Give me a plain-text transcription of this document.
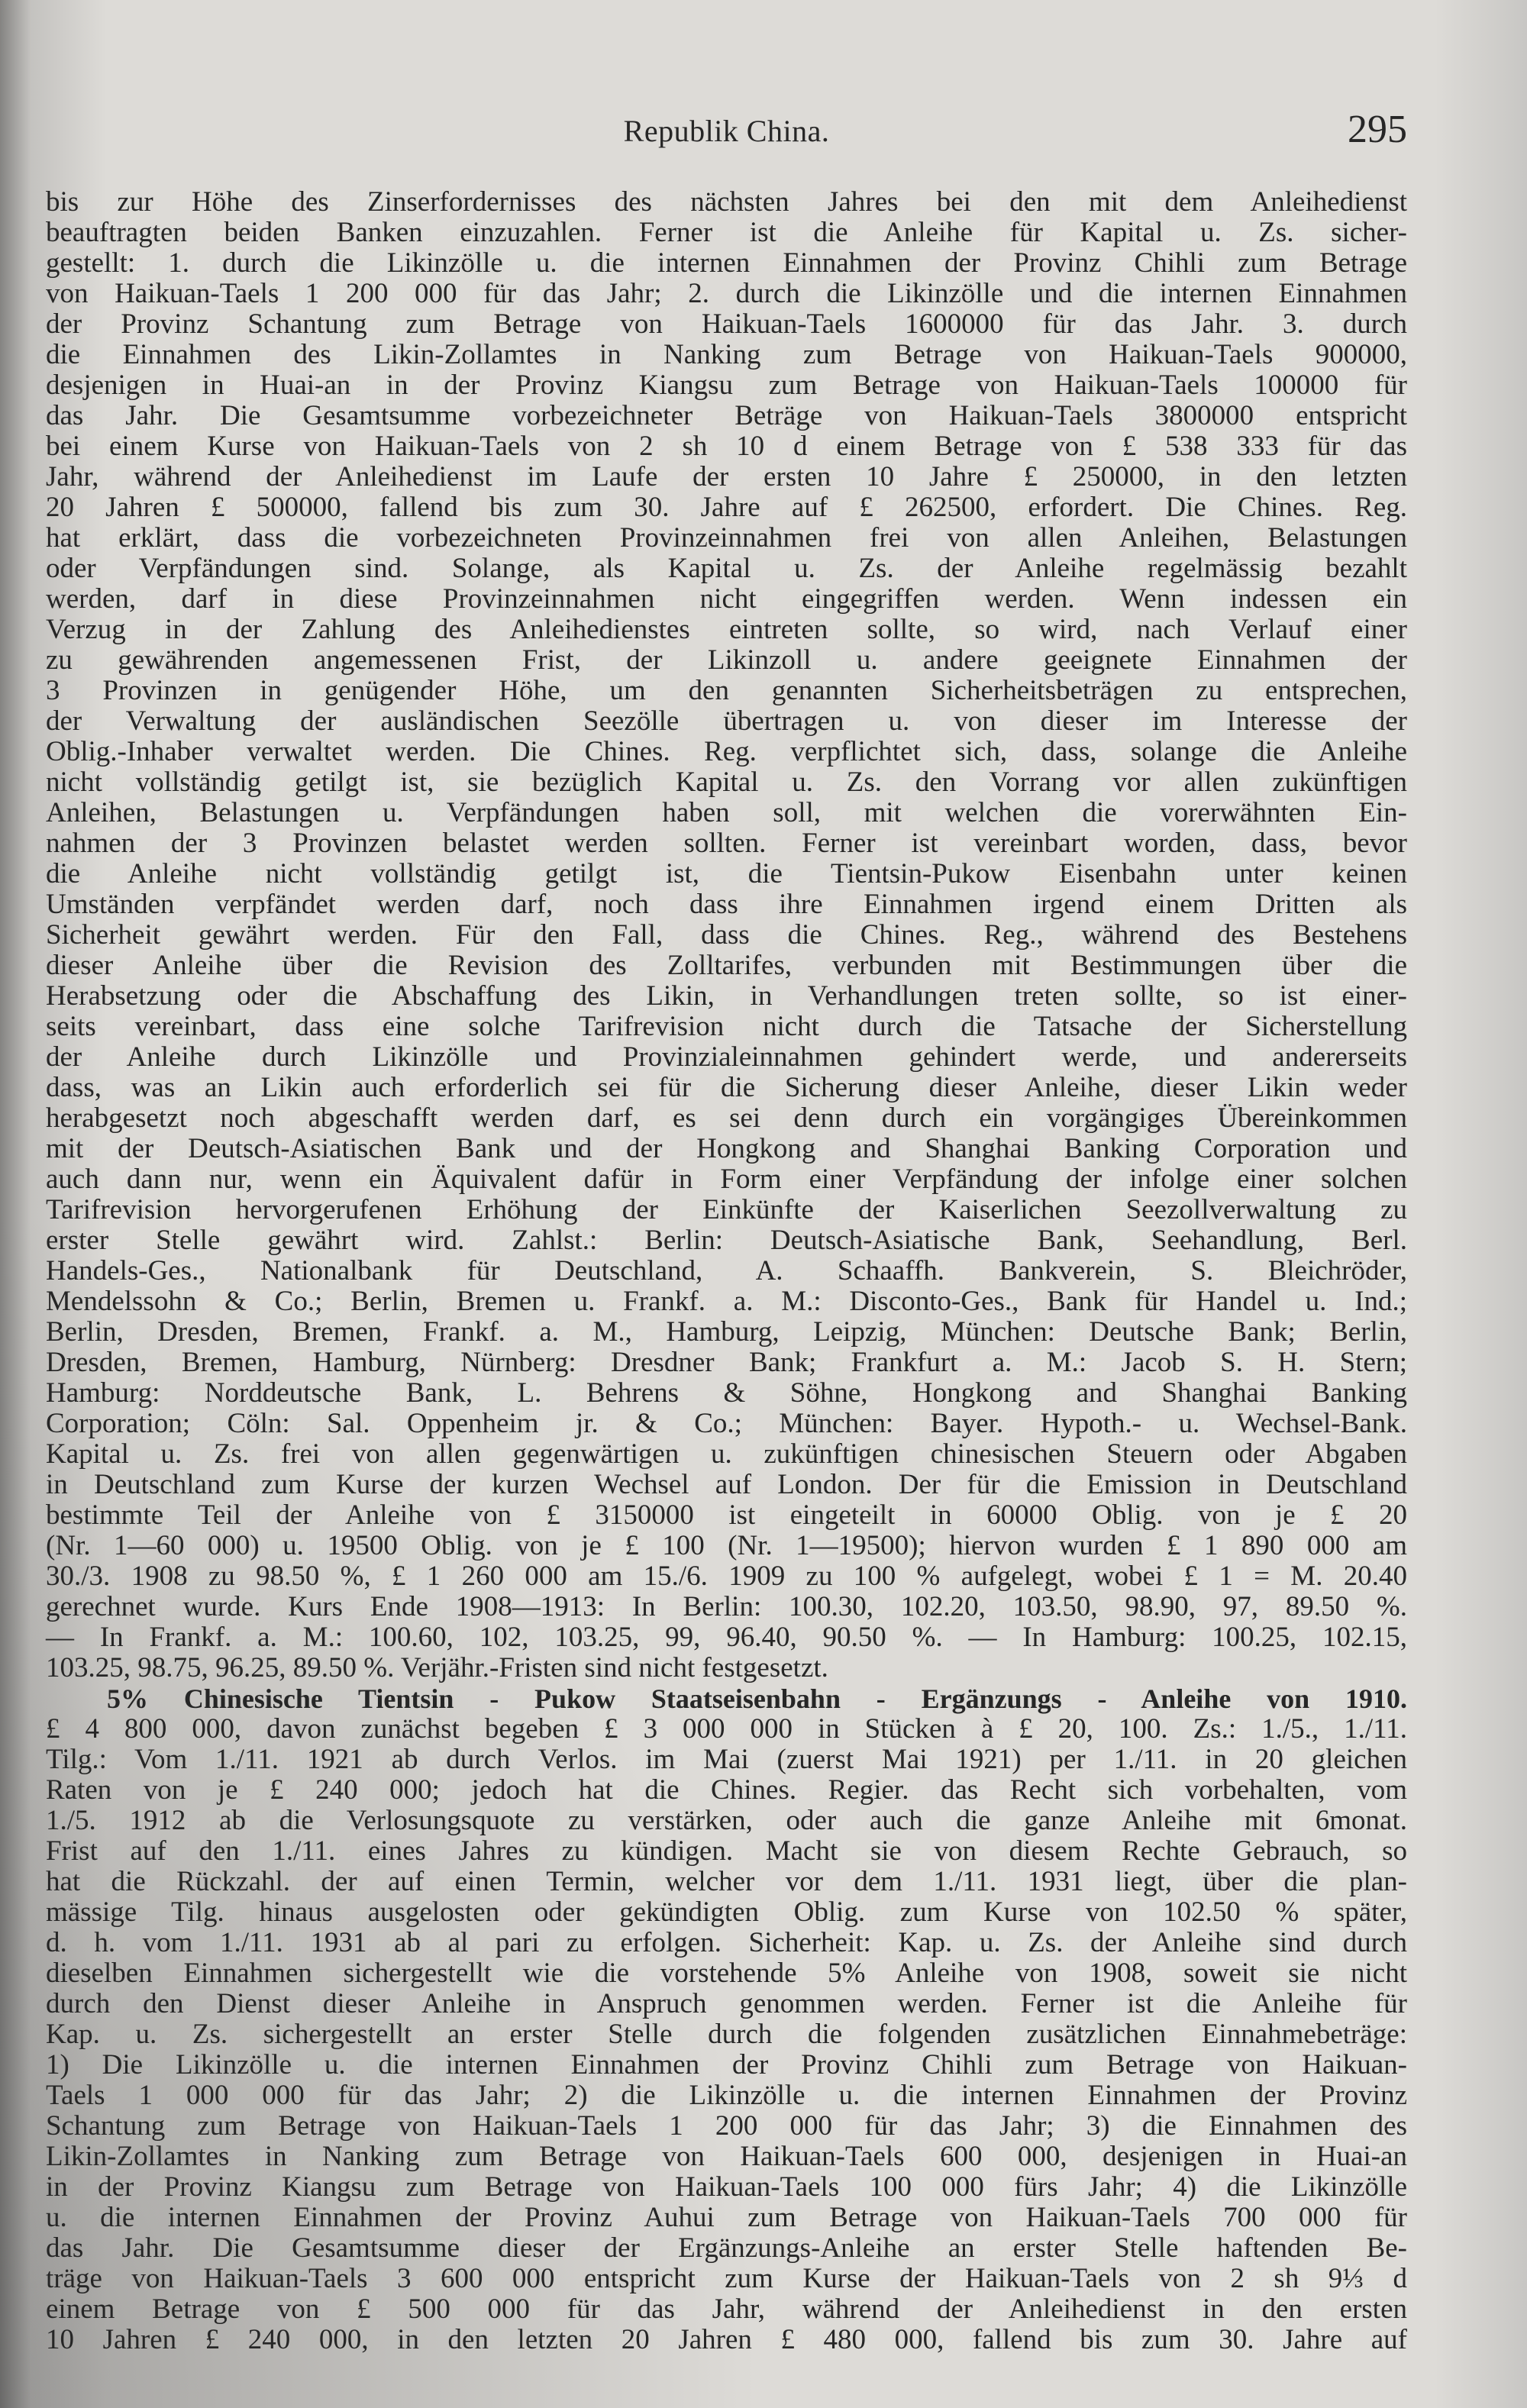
Republik China.	295
bis zur Höhe des Zinserfordernisses des nächsten Jahres bei den mit dem Anleihedienst
beauftragten beiden Banken einzuzahlen. Ferner ist die Anleihe für Kapital u. Zs. sicher-
gestellt: 1. durch die Likinzölle u. die internen Einnahmen der Provinz Chihli zum Betrage
von Haikuan-Taels 1 200 000 für das Jahr; 2. durch die Likinzölle und die internen Einnahmen
der Provinz Schantung zum Betrage von Haikuan-Taels 1600000 für das Jahr. 3. durch
die Einnahmen des Likin-Zollamtes in Nanking zum Betrage von Haikuan-Taels 900000,
desjenigen in Huai-an in der Provinz Kiangsu zum Betrage von Haikuan-Taels 100000 für
das Jahr. Die Gesamtsumme vorbezeichneter Beträge von Haikuan-Taels 3800000 entspricht
bei einem Kurse von Haikuan-Taels von 2 sh 10 d einem Betrage von £ 538 333 für das
Jahr, während der Anleihedienst im Laufe der ersten 10 Jahre £ 250000, in den letzten
20 Jahren £ 500000, fallend bis zum 30. Jahre auf £ 262500, erfordert. Die Chines. Reg.
hat erklärt, dass die vorbezeichneten Provinzeinnahmen frei von allen Anleihen, Belastungen
oder Verpfändungen sind. Solange, als Kapital u. Zs. der Anleihe regelmässig bezahlt
werden, darf in diese Provinzeinnahmen nicht eingegriffen werden. Wenn indessen ein
Verzug in der Zahlung des Anleihedienstes eintreten sollte, so wird, nach Verlauf einer
zu gewährenden angemessenen Frist, der Likinzoll u. andere geeignete Einnahmen der
3 Provinzen in genügender Höhe, um den genannten Sicherheitsbeträgen zu entsprechen,
der Verwaltung der ausländischen Seezölle übertragen u. von dieser im Interesse der
Oblig.-Inhaber verwaltet werden. Die Chines. Reg. verpflichtet sich, dass, solange die Anleihe
nicht vollständig getilgt ist, sie bezüglich Kapital u. Zs. den Vorrang vor allen zukünftigen
Anleihen, Belastungen u. Verpfändungen haben soll, mit welchen die vorerwähnten Ein-
nahmen der 3 Provinzen belastet werden sollten. Ferner ist vereinbart worden, dass, bevor
die Anleihe nicht vollständig getilgt ist, die Tientsin-Pukow Eisenbahn unter keinen
Umständen verpfändet werden darf, noch dass ihre Einnahmen irgend einem Dritten als
Sicherheit gewährt werden. Für den Fall, dass die Chines. Reg., während des Bestehens
dieser Anleihe über die Revision des Zolltarifes, verbunden mit Bestimmungen über die
Herabsetzung oder die Abschaffung des Likin, in Verhandlungen treten sollte, so ist einer-
seits vereinbart, dass eine solche Tarifrevision nicht durch die Tatsache der Sicherstellung
der Anleihe durch Likinzölle und Provinzialeinnahmen gehindert werde, und andererseits
dass, was an Likin auch erforderlich sei für die Sicherung dieser Anleihe, dieser Likin weder
herabgesetzt noch abgeschafft werden darf, es sei denn durch ein vorgängiges Übereinkommen
mit der Deutsch-Asiatischen Bank und der Hongkong and Shanghai Banking Corporation und
auch dann nur, wenn ein Äquivalent dafür in Form einer Verpfändung der infolge einer solchen
Tarifrevision hervorgerufenen Erhöhung der Einkünfte der Kaiserlichen Seezollverwaltung zu
erster Stelle gewährt wird. Zahlst.: Berlin: Deutsch-Asiatische Bank, Seehandlung, Berl.
Handels-Ges., Nationalbank für Deutschland, A. Schaaffh. Bankverein, S. Bleichröder,
Mendelssohn & Co.; Berlin, Bremen u. Frankf. a. M.: Disconto-Ges., Bank für Handel u. Ind.;
Berlin, Dresden, Bremen, Frankf. a. M., Hamburg, Leipzig, München: Deutsche Bank; Berlin,
Dresden, Bremen, Hamburg, Nürnberg: Dresdner Bank; Frankfurt a. M.: Jacob S. H. Stern;
Hamburg: Norddeutsche Bank, L. Behrens & Söhne, Hongkong and Shanghai Banking
Corporation; Cöln: Sal. Oppenheim jr. & Co.; München: Bayer. Hypoth.- u. Wechsel-Bank.
Kapital u. Zs. frei von allen gegenwärtigen u. zukünftigen chinesischen Steuern oder Abgaben
in Deutschland zum Kurse der kurzen Wechsel auf London. Der für die Emission in Deutschland
bestimmte Teil der Anleihe von £ 3150000 ist eingeteilt in 60000 Oblig. von je £ 20
(Nr. 1—60 000) u. 19500 Oblig. von je £ 100 (Nr. 1—19500); hiervon wurden £ 1 890 000 am
30./3. 1908 zu 98.50 %, £ 1 260 000 am 15./6. 1909 zu 100 % aufgelegt, wobei £ 1 = M. 20.40
gerechnet wurde. Kurs Ende 1908—1913: In Berlin: 100.30, 102.20, 103.50, 98.90, 97, 89.50 %.
— In Frankf. a. M.: 100.60, 102, 103.25, 99, 96.40, 90.50 %. — In Hamburg: 100.25, 102.15,
103.25, 98.75, 96.25, 89.50 %. Verjähr.-Fristen sind nicht festgesetzt.
5% Chinesische Tientsin - Pukow Staatseisenbahn - Ergänzungs - Anleihe von 1910.
£ 4 800 000, davon zunächst begeben £ 3 000 000 in Stücken à £ 20, 100. Zs.: 1./5., 1./11.
Tilg.: Vom 1./11. 1921 ab durch Verlos. im Mai (zuerst Mai 1921) per 1./11. in 20 gleichen
Raten von je £ 240 000; jedoch hat die Chines. Regier. das Recht sich vorbehalten, vom
1./5. 1912 ab die Verlosungsquote zu verstärken, oder auch die ganze Anleihe mit 6monat.
Frist auf den 1./11. eines Jahres zu kündigen. Macht sie von diesem Rechte Gebrauch, so
hat die Rückzahl. der auf einen Termin, welcher vor dem 1./11. 1931 liegt, über die plan-
mässige Tilg. hinaus ausgelosten oder gekündigten Oblig. zum Kurse von 102.50 % später,
d. h. vom 1./11. 1931 ab al pari zu erfolgen. Sicherheit: Kap. u. Zs. der Anleihe sind durch
dieselben Einnahmen sichergestellt wie die vorstehende 5% Anleihe von 1908, soweit sie nicht
durch den Dienst dieser Anleihe in Anspruch genommen werden. Ferner ist die Anleihe für
Kap. u. Zs. sichergestellt an erster Stelle durch die folgenden zusätzlichen Einnahmebeträge:
1) Die Likinzölle u. die internen Einnahmen der Provinz Chihli zum Betrage von Haikuan-
Taels 1 000 000 für das Jahr; 2) die Likinzölle u. die internen Einnahmen der Provinz
Schantung zum Betrage von Haikuan-Taels 1 200 000 für das Jahr; 3) die Einnahmen des
Likin-Zollamtes in Nanking zum Betrage von Haikuan-Taels 600 000, desjenigen in Huai-an
in der Provinz Kiangsu zum Betrage von Haikuan-Taels 100 000 fürs Jahr; 4) die Likinzölle
u. die internen Einnahmen der Provinz Auhui zum Betrage von Haikuan-Taels 700 000 für
das Jahr. Die Gesamtsumme dieser der Ergänzungs-Anleihe an erster Stelle haftenden Be-
träge von Haikuan-Taels 3 600 000 entspricht zum Kurse der Haikuan-Taels von 2 sh 9⅓ d
einem Betrage von £ 500 000 für das Jahr, während der Anleihedienst in den ersten
10 Jahren £ 240 000, in den letzten 20 Jahren £ 480 000, fallend bis zum 30. Jahre auf
